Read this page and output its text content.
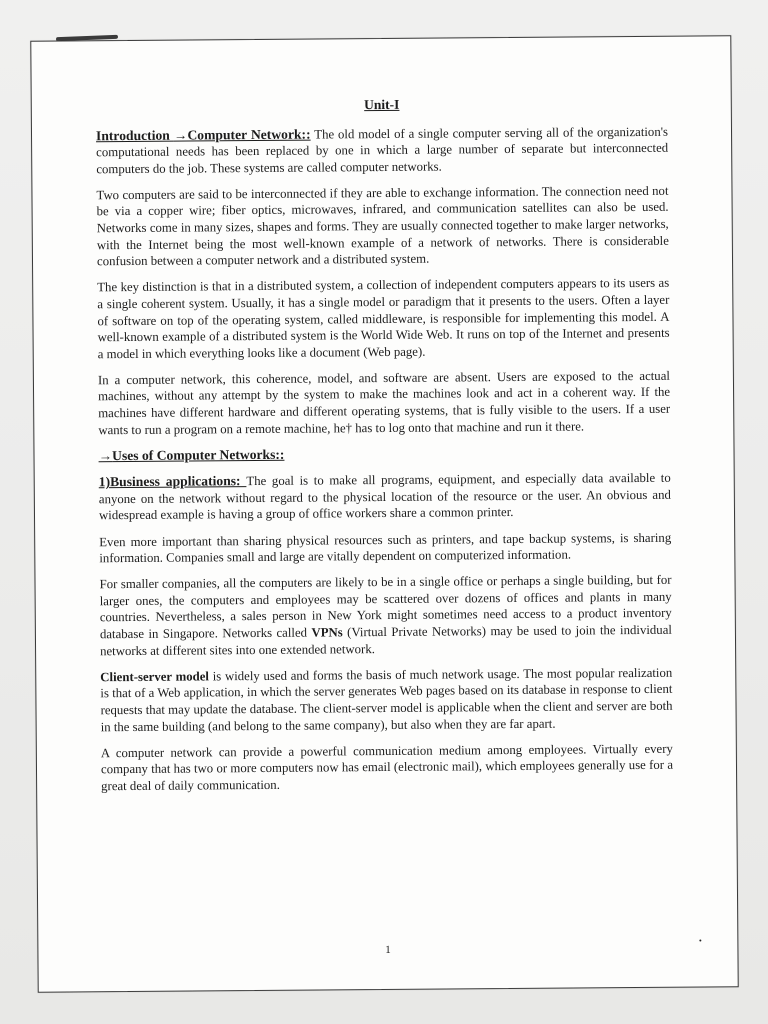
Unit-I

Introduction →Computer Network:: The old model of a single computer serving all of the organization's computational needs has been replaced by one in which a large number of separate but interconnected computers do the job. These systems are called computer networks.

Two computers are said to be interconnected if they are able to exchange information. The connection need not be via a copper wire; fiber optics, microwaves, infrared, and communication satellites can also be used. Networks come in many sizes, shapes and forms. They are usually connected together to make larger networks, with the Internet being the most well-known example of a network of networks. There is considerable confusion between a computer network and a distributed system.

The key distinction is that in a distributed system, a collection of independent computers appears to its users as a single coherent system. Usually, it has a single model or paradigm that it presents to the users. Often a layer of software on top of the operating system, called middleware, is responsible for implementing this model. A well-known example of a distributed system is the World Wide Web. It runs on top of the Internet and presents a model in which everything looks like a document (Web page).

In a computer network, this coherence, model, and software are absent. Users are exposed to the actual machines, without any attempt by the system to make the machines look and act in a coherent way. If the machines have different hardware and different operating systems, that is fully visible to the users. If a user wants to run a program on a remote machine, he† has to log onto that machine and run it there.

→Uses of Computer Networks::

1)Business applications: The goal is to make all programs, equipment, and especially data available to anyone on the network without regard to the physical location of the resource or the user. An obvious and widespread example is having a group of office workers share a common printer.

Even more important than sharing physical resources such as printers, and tape backup systems, is sharing information. Companies small and large are vitally dependent on computerized information.

For smaller companies, all the computers are likely to be in a single office or perhaps a single building, but for larger ones, the computers and employees may be scattered over dozens of offices and plants in many countries. Nevertheless, a sales person in New York might sometimes need access to a product inventory database in Singapore. Networks called VPNs (Virtual Private Networks) may be used to join the individual networks at different sites into one extended network.

Client-server model is widely used and forms the basis of much network usage. The most popular realization is that of a Web application, in which the server generates Web pages based on its database in response to client requests that may update the database. The client-server model is applicable when the client and server are both in the same building (and belong to the same company), but also when they are far apart.

A computer network can provide a powerful communication medium among employees. Virtually every company that has two or more computers now has email (electronic mail), which employees generally use for a great deal of daily communication.

1
